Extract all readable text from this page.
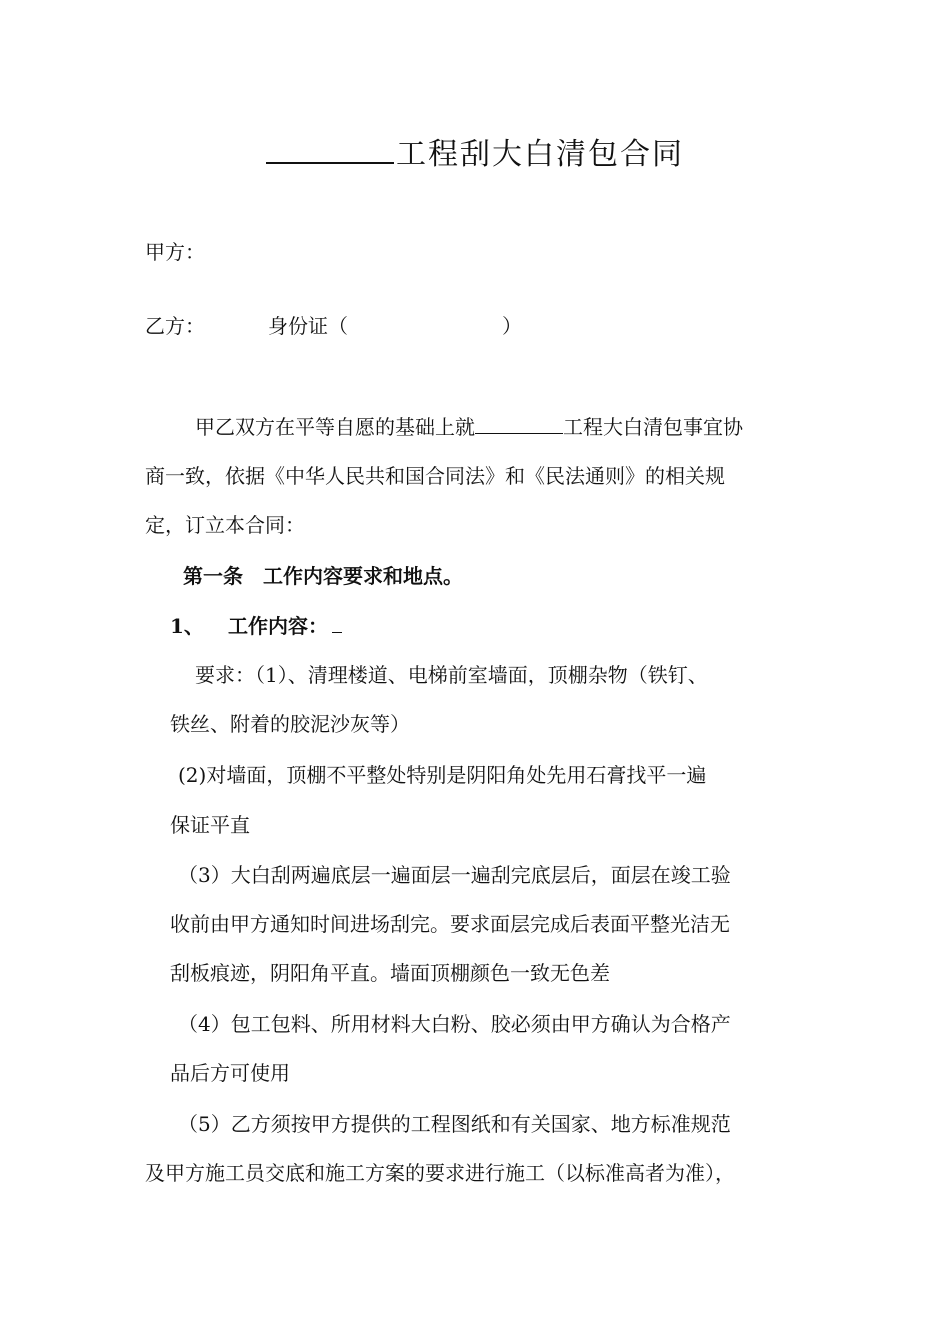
工程刮大白清包合同
甲方：
乙方：	身份证（	）
甲乙双方在平等自愿的基础上就	工程大白清包事宜协
商一致，依据《中华人民共和国合同法》和《民法通则》的相关规
定，订立本合同：
第一条　工作内容要求和地点。
1、 工作内容：
要求：（1）、清理楼道、电梯前室墙面，顶棚杂物（铁钉、
铁丝、附着的胶泥沙灰等）
(2)对墙面，顶棚不平整处特别是阴阳角处先用石膏找平一遍
保证平直
（3）大白刮两遍底层一遍面层一遍刮完底层后，面层在竣工验
收前由甲方通知时间进场刮完。要求面层完成后表面平整光洁无
刮板痕迹，阴阳角平直。墙面顶棚颜色一致无色差
（4）包工包料、所用材料大白粉、胶必须由甲方确认为合格产
品后方可使用
（5）乙方须按甲方提供的工程图纸和有关国家、地方标准规范
及甲方施工员交底和施工方案的要求进行施工（以标准高者为准），
